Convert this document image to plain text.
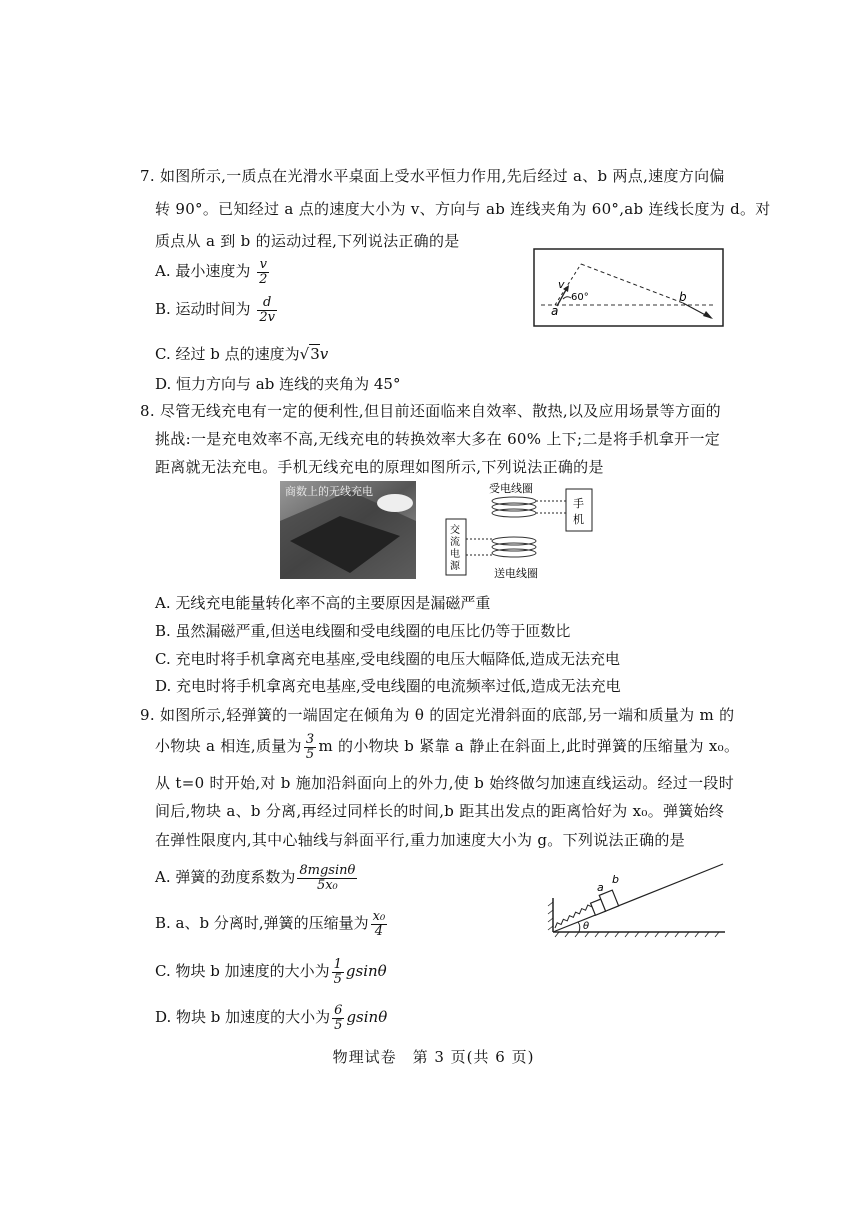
7. 如图所示,一质点在光滑水平桌面上受水平恒力作用,先后经过 a、b 两点,速度方向偏
转 90°。已知经过 a 点的速度大小为 v、方向与 ab 连线夹角为 60°,ab 连线长度为 d。对
质点从 a 到 b 的运动过程,下列说法正确的是
A. 最小速度为 $\frac{v}{2}$
B. 运动时间为 $\frac{d}{2v}$
C. 经过 b 点的速度为√3v
D. 恒力方向与 ab 连线的夹角为 45°
a
b
v
60°
8. 尽管无线充电有一定的便利性,但目前还面临来自效率、散热,以及应用场景等方面的
挑战:一是充电效率不高,无线充电的转换效率大多在 60% 上下;二是将手机拿开一定
距离就无法充电。手机无线充电的原理如图所示,下列说法正确的是
商数上的无线充电	受电线圈
手
机
交
流
电
源
送电线圈
A. 无线充电能量转化率不高的主要原因是漏磁严重
B. 虽然漏磁严重,但送电线圈和受电线圈的电压比仍等于匝数比
C. 充电时将手机拿离充电基座,受电线圈的电压大幅降低,造成无法充电
D. 充电时将手机拿离充电基座,受电线圈的电流频率过低,造成无法充电
9. 如图所示,轻弹簧的一端固定在倾角为 θ 的固定光滑斜面的底部,另一端和质量为 m 的
小物块 a 相连,质量为 $\frac{3}{5}$ m 的小物块 b 紧靠 a 静止在斜面上,此时弹簧的压缩量为 x₀。
从 t=0 时开始,对 b 施加沿斜面向上的外力,使 b 始终做匀加速直线运动。经过一段时
间后,物块 a、b 分离,再经过同样长的时间,b 距其出发点的距离恰好为 x₀。弹簧始终
在弹性限度内,其中心轴线与斜面平行,重力加速度大小为 g。下列说法正确的是
A. 弹簧的劲度系数为 $\frac{8mgsin\theta}{\text{5x₀}}$
B. a、b 分离时,弹簧的压缩量为 $\frac{\text{x₀}}{4}$
C. 物块 b 加速度的大小为 $\frac{1}{5}$ gsinθ
D. 物块 b 加速度的大小为 $\frac{6}{5}$ gsinθ
a
b
θ
物理试卷　第 3 页(共 6 页)
